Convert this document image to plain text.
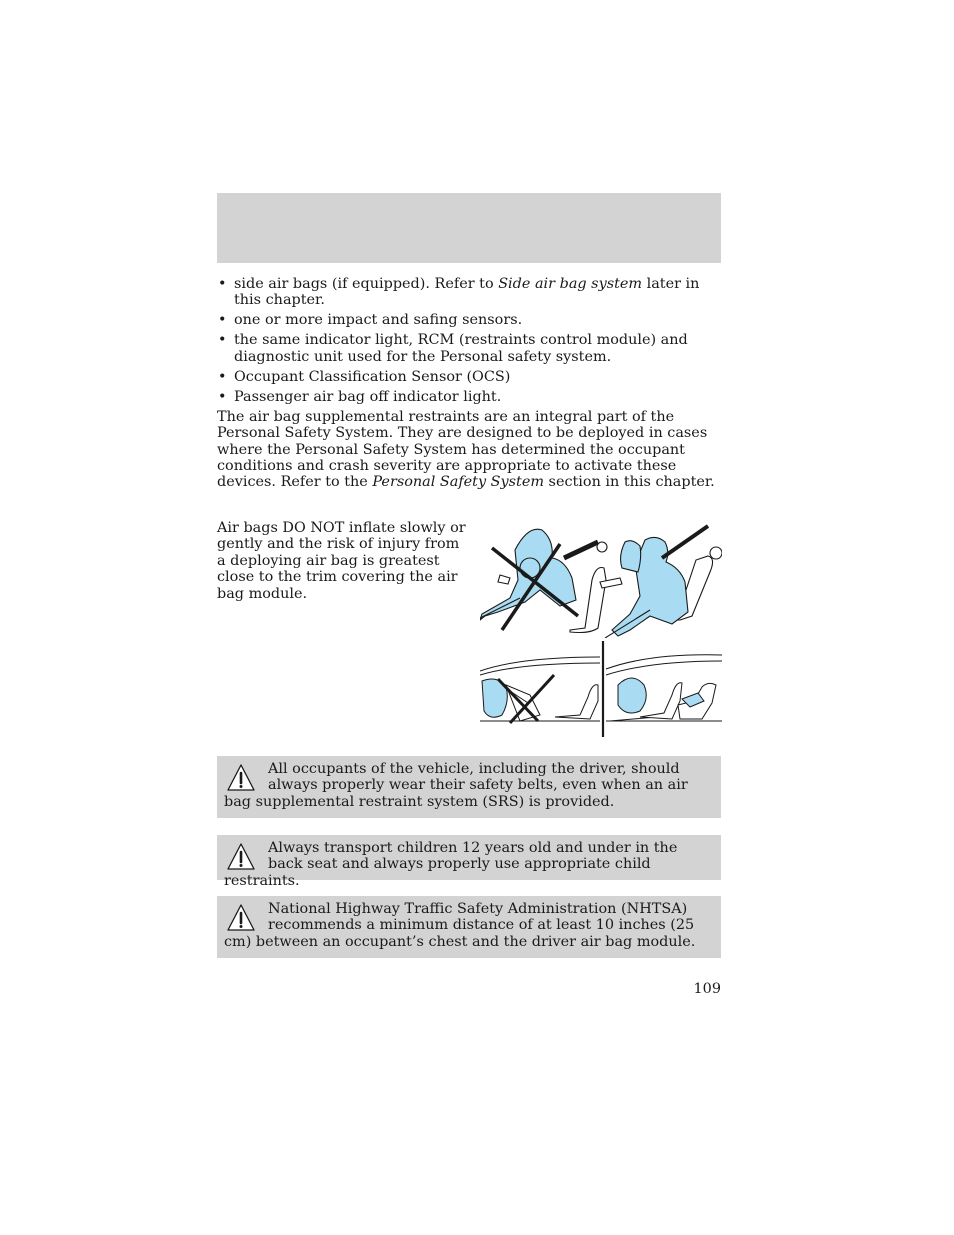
• side air bags (if equipped). Refer to Side air bag system later in this chapter.
• one or more impact and safing sensors.
• the same indicator light, RCM (restraints control module) and diagnostic unit used for the Personal safety system.
• Occupant Classification Sensor (OCS)
• Passenger air bag off indicator light.

The air bag supplemental restraints are an integral part of the Personal Safety System. They are designed to be deployed in cases where the Personal Safety System has determined the occupant conditions and crash severity are appropriate to activate these devices. Refer to the Personal Safety System section in this chapter.

Air bags DO NOT inflate slowly or gently and the risk of injury from a deploying air bag is greatest close to the trim covering the air bag module.

All occupants of the vehicle, including the driver, should always properly wear their safety belts, even when an air bag supplemental restraint system (SRS) is provided.

Always transport children 12 years old and under in the back seat and always properly use appropriate child restraints.

National Highway Traffic Safety Administration (NHTSA) recommends a minimum distance of at least 10 inches (25 cm) between an occupant’s chest and the driver air bag module.

109
